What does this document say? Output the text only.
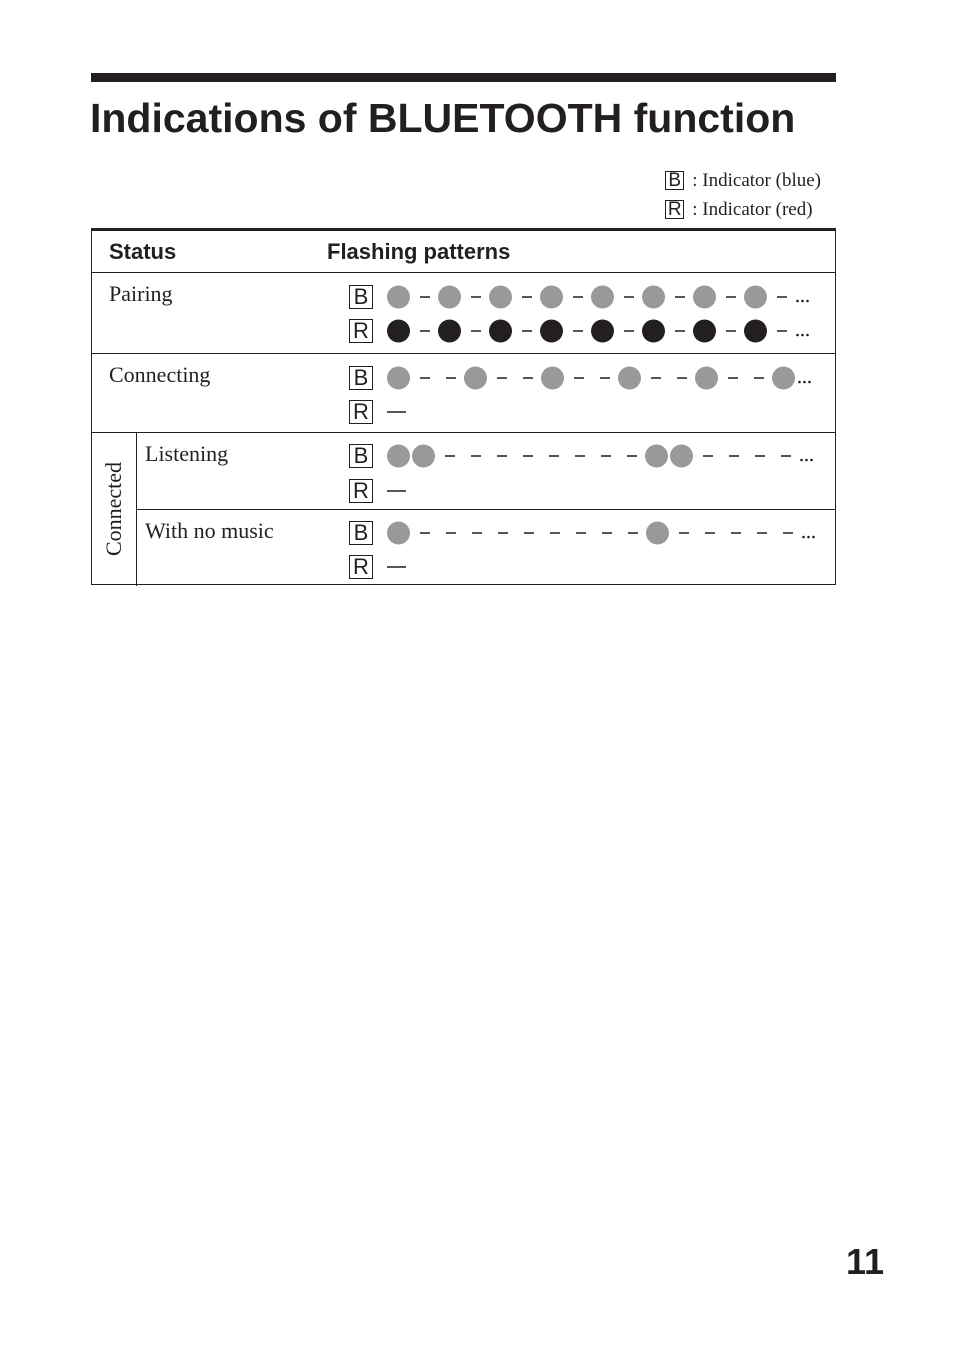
Indications of BLUETOOTH function
B : Indicator (blue)
R : Indicator (red)
Status	Flashing patterns
Pairing	B
R
Connecting	B
R
Connected
Listening	B
R
With no music	B
R
11
